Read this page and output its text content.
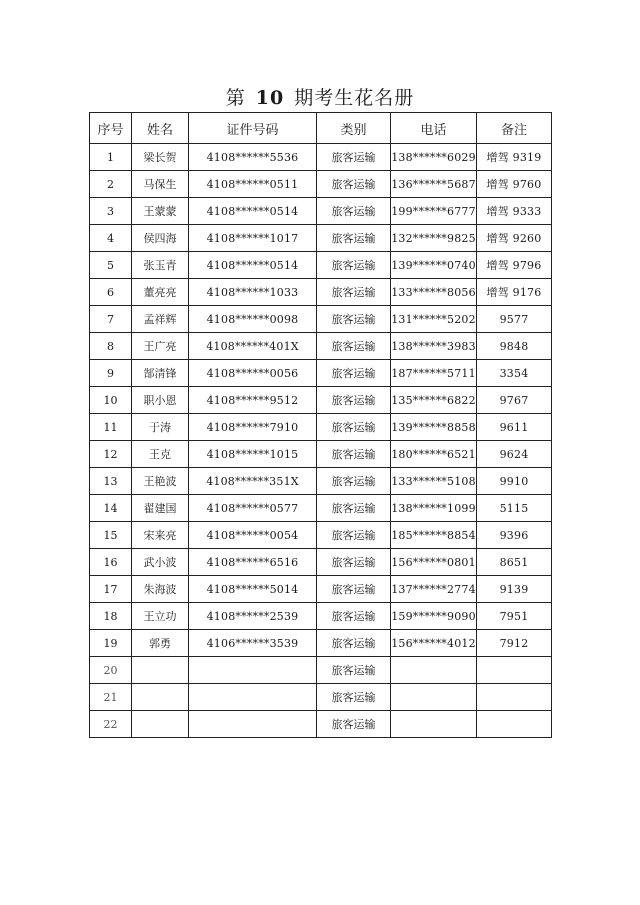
第 10 期考生花名册
序号	姓名	证件号码	类别	电话	备注
1	梁长贺	4108******5536	旅客运输	138******6029	增驾 9319
2	马保生	4108******0511	旅客运输	136******5687	增驾 9760
3	王蒙蒙	4108******0514	旅客运输	199******6777	增驾 9333
4	侯四海	4108******1017	旅客运输	132******9825	增驾 9260
5	张玉青	4108******0514	旅客运输	139******0740	增驾 9796
6	董亮亮	4108******1033	旅客运输	133******8056	增驾 9176
7	孟祥辉	4108******0098	旅客运输	131******5202	9577
8	王广亮	4108******401X	旅客运输	138******3983	9848
9	郜清锋	4108******0056	旅客运输	187******5711	3354
10	职小恩	4108******9512	旅客运输	135******6822	9767
11	于涛	4108******7910	旅客运输	139******8858	9611
12	王克	4108******1015	旅客运输	180******6521	9624
13	王艳波	4108******351X	旅客运输	133******5108	9910
14	翟建国	4108******0577	旅客运输	138******1099	5115
15	宋来亮	4108******0054	旅客运输	185******8854	9396
16	武小波	4108******6516	旅客运输	156******0801	8651
17	朱海波	4108******5014	旅客运输	137******2774	9139
18	王立功	4108******2539	旅客运输	159******9090	7951
19	郭勇	4106******3539	旅客运输	156******4012	7912
20			旅客运输		
21			旅客运输		
22			旅客运输		
